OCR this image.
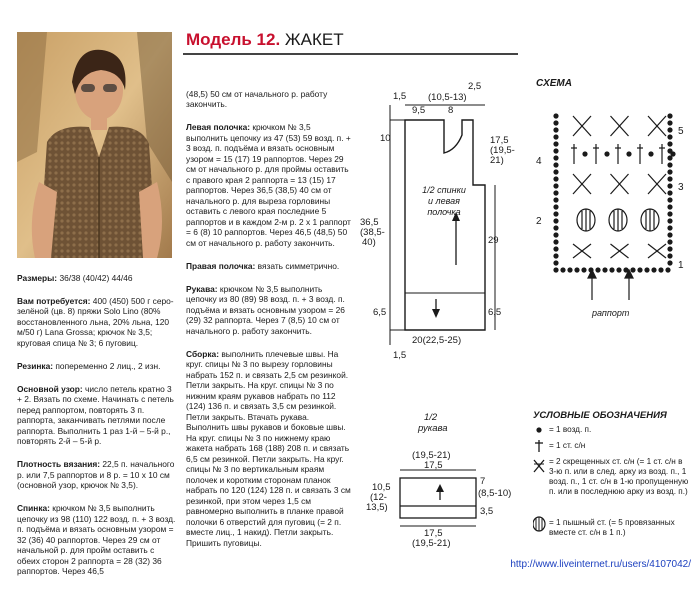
Модель 12. ЖАКЕТ

Размеры: 36/38 (40/42) 44/46

Вам потребуется: 400 (450) 500 г серо-зелёной (цв. 8) пряжи Solo Lino (80% восстановленного льна, 20% льна, 120 м/50 г) Lana Grossa; крючок № 3,5; круговая спица № 3; 6 пуговиц.

Резинка: попеременно 2 лиц., 2 изн.

Основной узор: число петель кратно 3 + 2. Вязать по схеме. Начинать с петель перед раппортом, повторять 3 п. раппорта, заканчивать петлями после раппорта. Выполнить 1 раз 1-й – 5-й р., повторять 2-й – 5-й р.

Плотность вязания: 22,5 п. начального р. или 7,5 раппортов и 8 р. = 10 х 10 см (основной узор, крючок № 3,5).

Спинка: крючком № 3,5 выполнить цепочку из 98 (110) 122 возд. п. + 3 возд. п. подъёма и вязать основным узором = 32 (36) 40 раппортов. Через 29 см от начальной р. для пройм оставить с обеих сторон 2 раппорта = 28 (32) 36 раппортов. Через 46,5

(48,5) 50 см от начального р. работу закончить.

Левая полочка: крючком № 3,5 выполнить цепочку из 47 (53) 59 возд. п. + 3 возд. п. подъёма и вязать основным узором = 15 (17) 19 раппортов. Через 29 см от начального р. для проймы оставить с правого края 2 раппорта = 13 (15) 17 раппортов. Через 36,5 (38,5) 40 см от начального р. для выреза горловины оставить с левого края последние 5 раппортов и в каждом 2-м р. 2 х 1 раппорт = 6 (8) 10 раппортов. Через 46,5 (48,5) 50 см от начального р. работу закончить.

Правая полочка: вязать симметрично.

Рукава: крючком № 3,5 выполнить цепочку из 80 (89) 98 возд. п. + 3 возд. п. подъёма и вязать основным узором = 26 (29) 32 раппорта. Через 7 (8,5) 10 см от начального р. работу закончить.

Сборка: выполнить плечевые швы. На круг. спицы № 3 по вырезу горловины набрать 152 п. и связать 2,5 см резинкой. Петли закрыть. На круг. спицы № 3 по нижним краям рукавов набрать по 112 (124) 136 п. и связать 3,5 см резинкой. Петли закрыть. Втачать рукава. Выполнить швы рукавов и боковые швы. На круг. спицы № 3 по нижнему краю жакета набрать 168 (188) 208 п. и связать 6,5 см резинкой. Петли закрыть. На круг. спицы № 3 по вертикальным краям полочек и коротким сторонам планок набрать по 120 (124) 128 п. и связать 3 см резинкой, при этом через 1,5 см равномерно выполнить в планке правой полочки 6 отверстий для пуговиц (= 2 п. вместе лиц., 1 накид). Петли закрыть. Пришить пуговицы.

1,5
9,5
(10,5-13)
8
2,5
10	17,5
(19,5-
21)
36,5
(38,5-
40)	29
6,5	6,5
20(22,5-25)
1,5
1/2 спинки
и левая
полочка
1/2
рукава
(19,5-21)
17,5
10,5
(12-
13,5)
7
(8,5-10)
3,5
17,5
(19,5-21)
СХЕМА
5
4
3
2
1
раппорт
УСЛОВНЫЕ ОБОЗНАЧЕНИЯ
= 1 возд. п.
= 1 ст. с/н
= 2 скрещенных ст. с/н (= 1 ст. с/н в 3-ю п. или в след. арку из возд. п., 1 возд. п., 1 ст. с/н в 1-ю пропущенную п. или в последнюю арку из возд. п.)
= 1 пышный ст. (= 5 провязанных вместе ст. с/н в 1 п.)
http://www.liveinternet.ru/users/4107042/
